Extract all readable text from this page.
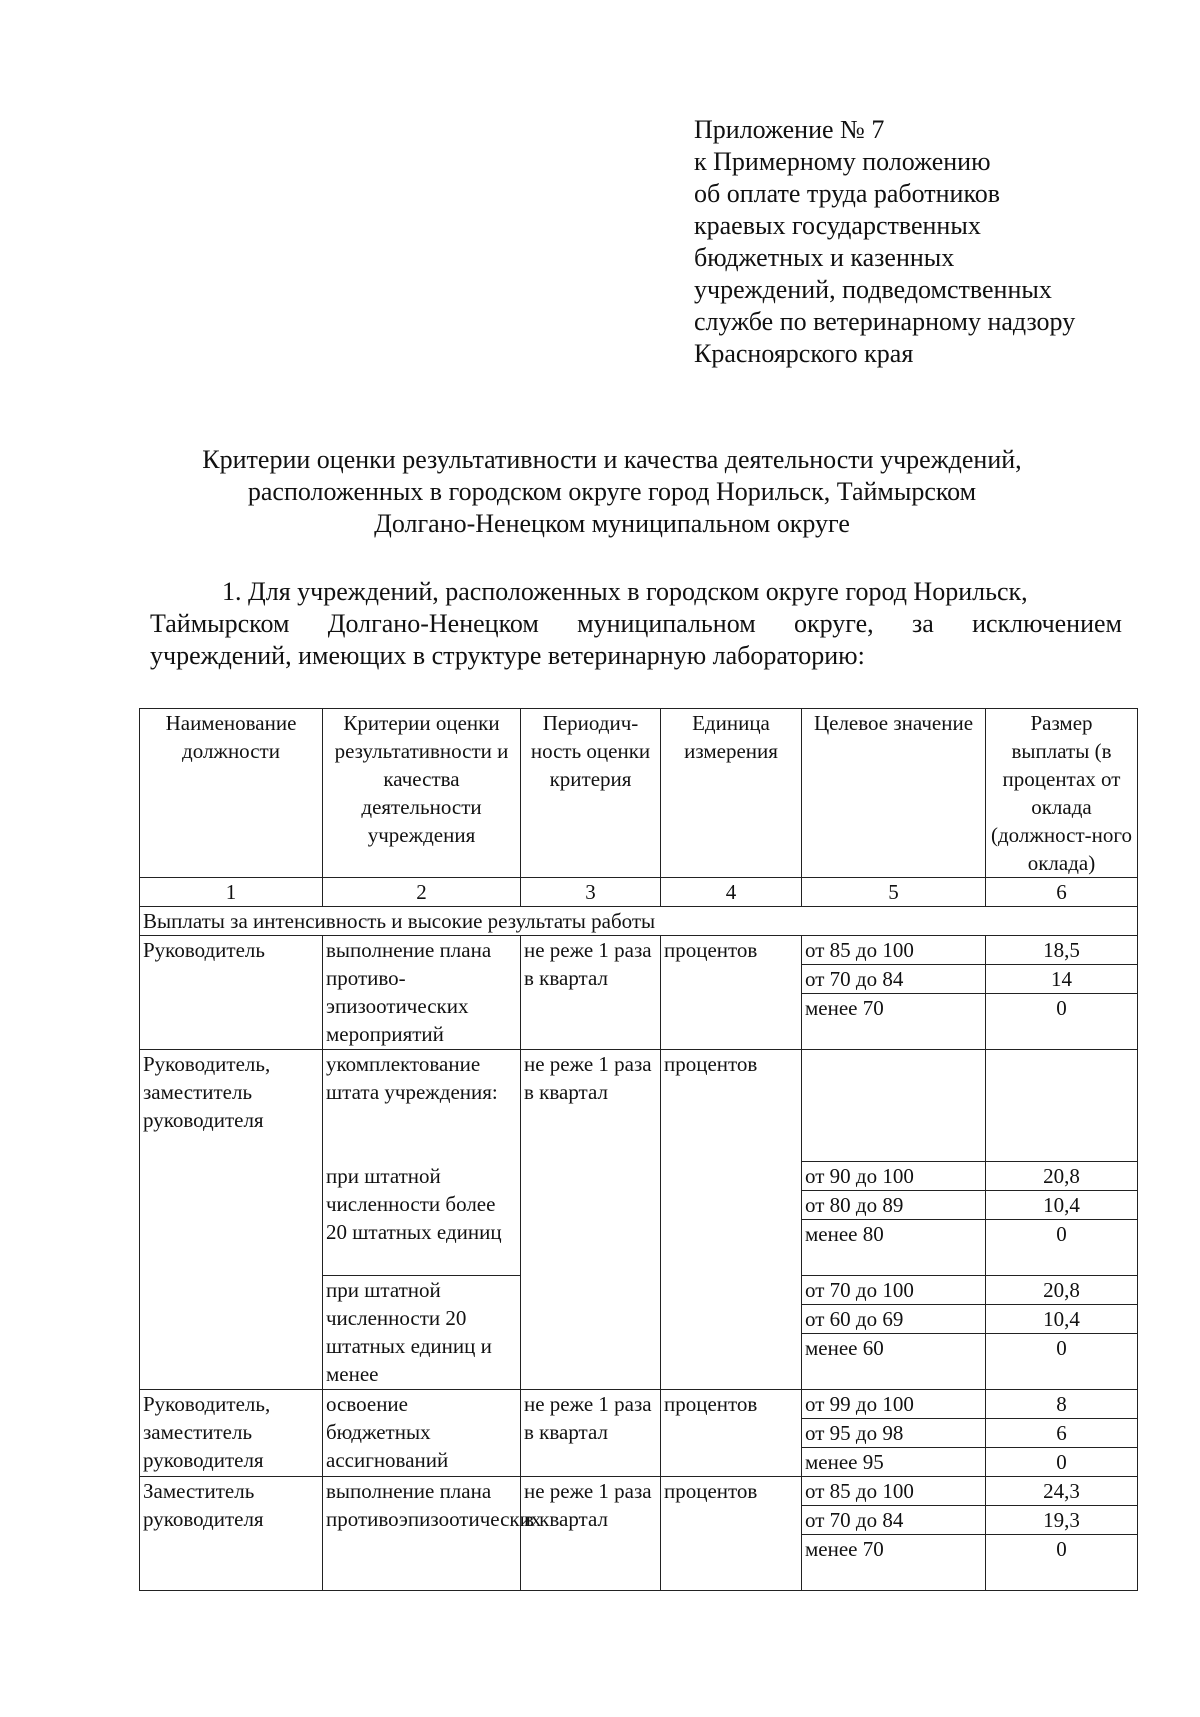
Приложение № 7
к Примерному положению
об оплате труда работников
краевых государственных
бюджетных и казенных
учреждений, подведомственных
службе по ветеринарному надзору
Красноярского края
Критерии оценки результативности и качества деятельности учреждений,
расположенных в городском округе город Норильск, Таймырском
Долгано-Ненецком муниципальном округе
1. Для учреждений, расположенных в городском округе город Норильск,
Таймырском Долгано-Ненецком муниципальном округе, за исключением
учреждений, имеющих в структуре ветеринарную лабораторию:
Наименование должности	Критерии оценки результативности и качества деятельности учреждения	Периодич-ность оценки критерия	Единица измерения	Целевое значение	Размер выплаты (в процентах от оклада (должност-ного оклада)
1	2	3	4	5	6
Выплаты за интенсивность и высокие результаты работы					
Руководитель	выполнение плана противо-эпизоотических мероприятий	не реже 1 раза в квартал	процентов	от 85 до 100	18,5
				от 70 до 84	14
				менее 70	0
Руководитель, заместитель руководителя	укомплектование штата учреждения:	не реже 1 раза в квартал	процентов		
	при штатной численности более 20 штатных единиц			от 90 до 100	20,8
				от 80 до 89	10,4
				менее 80	0
	при штатной численности 20 штатных единиц и менее			от 70 до 100	20,8
				от 60 до 69	10,4
				менее 60	0
Руководитель, заместитель руководителя	освоение бюджетных ассигнований	не реже 1 раза в квартал	процентов	от 99 до 100	8
				от 95 до 98	6
				менее 95	0
Заместитель руководителя	выполнение плана противоэпизоотических	не реже 1 раза в квартал	процентов	от 85 до 100	24,3
				от 70 до 84	19,3
				менее 70	0
